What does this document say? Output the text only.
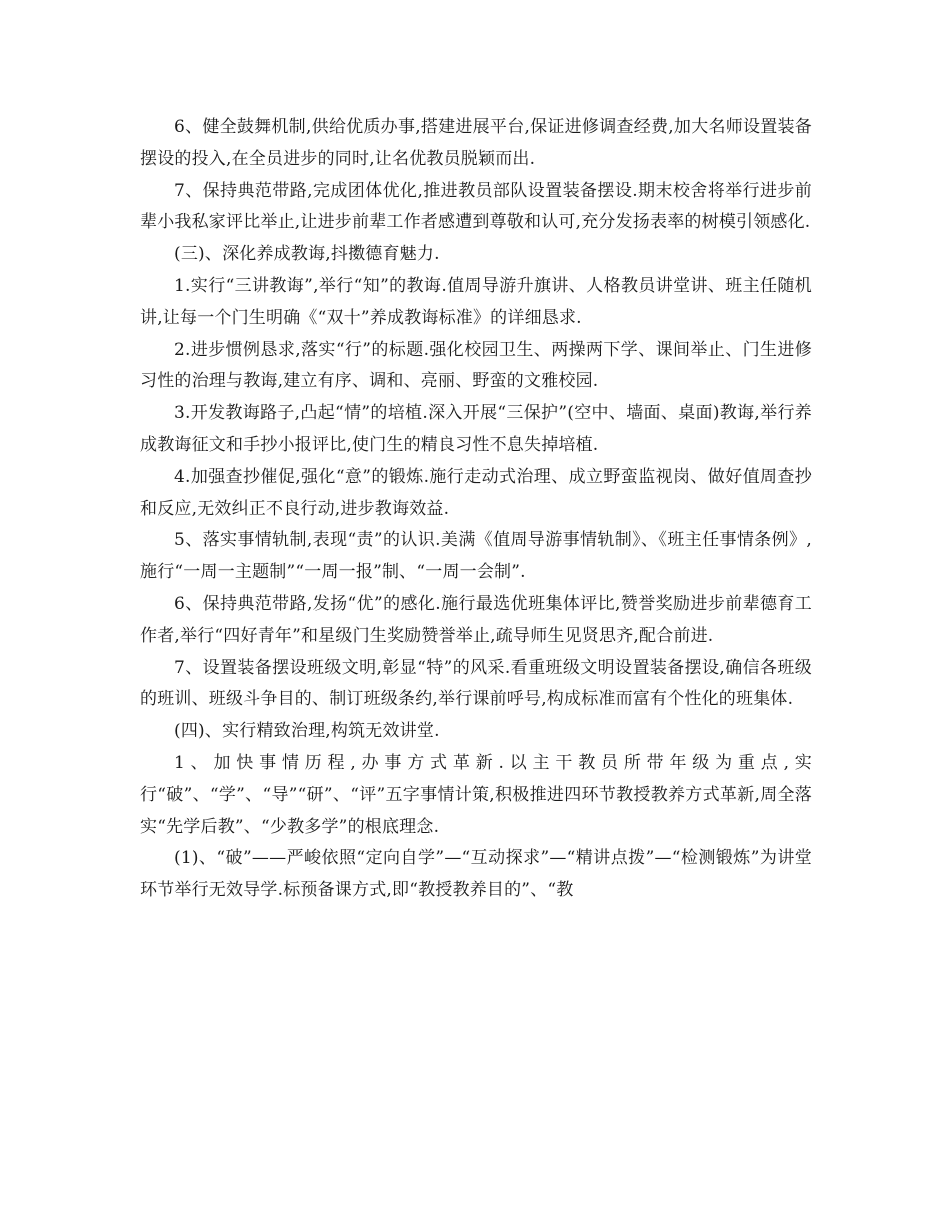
6、健全鼓舞机制,供给优质办事,搭建进展平台,保证进修调查经费,加大名师设置装备摆设的投入,在全员进步的同时,让名优教员脱颖而出.

7、保持典范带路,完成团体优化,推进教员部队设置装备摆设.期末校舍将举行进步前辈小我私家评比举止,让进步前辈工作者感遭到尊敬和认可,充分发扬表率的树模引领感化.

(三)、深化养成教诲,抖擞德育魅力.

1.实行“三讲教诲”,举行“知”的教诲.值周导游升旗讲、人格教员讲堂讲、班主任随机讲,让每一个门生明确《“双十”养成教诲标准》的详细恳求.

2.进步惯例恳求,落实“行”的标题.强化校园卫生、两操两下学、课间举止、门生进修习性的治理与教诲,建立有序、调和、亮丽、野蛮的文雅校园.

3.开发教诲路子,凸起“情”的培植.深入开展“三保护”(空中、墙面、桌面)教诲,举行养成教诲征文和手抄小报评比,使门生的精良习性不息失掉培植.

4.加强查抄催促,强化“意”的锻炼.施行走动式治理、成立野蛮监视岗、做好值周查抄和反应,无效纠正不良行动,进步教诲效益.

5、落实事情轨制,表现“责”的认识.美满《值周导游事情轨制》、《班主任事情条例》,施行“一周一主题制”“一周一报”制、“一周一会制”.

6、保持典范带路,发扬“优”的感化.施行最选优班集体评比,赞誉奖励进步前辈德育工作者,举行“四好青年”和星级门生奖励赞誉举止,疏导师生见贤思齐,配合前进.

7、设置装备摆设班级文明,彰显“特”的风采.看重班级文明设置装备摆设,确信各班级的班训、班级斗争目的、制订班级条约,举行课前呼号,构成标准而富有个性化的班集体.

(四)、实行精致治理,构筑无效讲堂.

1、加快事情历程,办事方式革新.以主干教员所带年级为重点,实行“破”、“学”、“导”“研”、“评”五字事情计策,积极推进四环节教授教养方式革新,周全落实“先学后教”、“少教多学”的根底理念.

(1)、“破”——严峻依照“定向自学”—“互动探求”—“精讲点拨”—“检测锻炼”为讲堂环节举行无效导学.标预备课方式,即“教授教养目的”、“教
